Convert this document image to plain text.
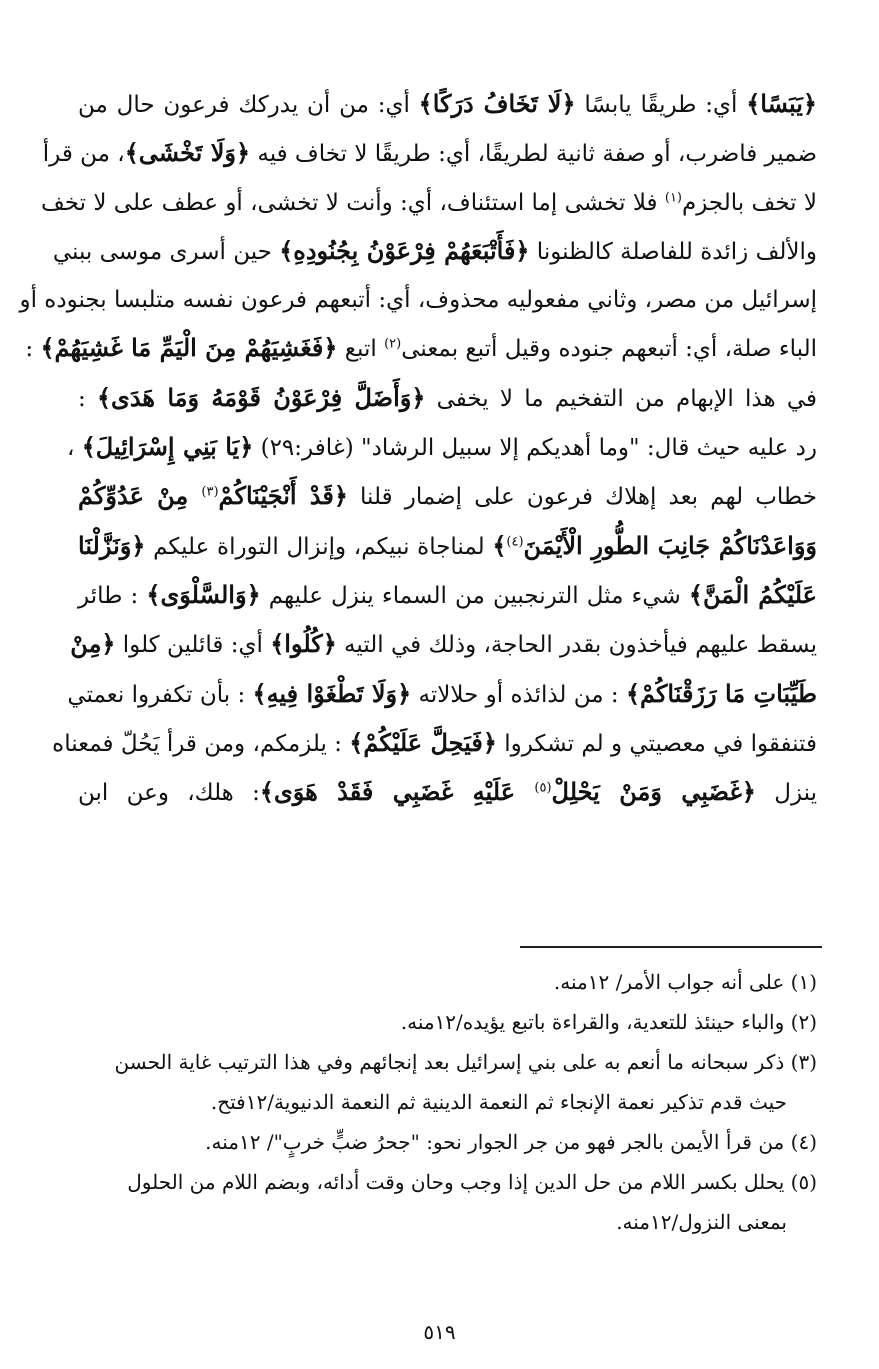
﴿يَبَسًا﴾ أي: طريقًا يابسًا ﴿لَا تَخَافُ دَرَكًا﴾ أي: من أن يدركك فرعون حال من
ضمير فاضرب، أو صفة ثانية لطريقًا، أي: طريقًا لا تخاف فيه ﴿وَلَا تَخْشَى﴾، من قرأ
لا تخف بالجزم$^{(١)}$ فلا تخشى إما استئناف، أي: وأنت لا تخشى، أو عطف على لا تخف
والألف زائدة للفاصلة كالظنونا ﴿فَأَتْبَعَهُمْ فِرْعَوْنُ بِجُنُودِهِ﴾ حين أسرى موسى ببني
إسرائيل من مصر، وثاني مفعوليه محذوف، أي: أتبعهم فرعون نفسه متلبسا بجنوده أو
الباء صلة، أي: أتبعهم جنوده وقيل أتبع بمعنى$^{(٢)}$ اتبع ﴿فَغَشِيَهُمْ مِنَ الْيَمِّ مَا غَشِيَهُمْ﴾ :
في هذا الإبهام من التفخيم ما لا يخفى ﴿وَأَضَلَّ فِرْعَوْنُ قَوْمَهُ وَمَا هَدَى﴾ :
رد عليه حيث قال: "وما أهديكم إلا سبيل الرشاد" (غافر:٢٩) ﴿يَا بَنِي إِسْرَائِيلَ﴾ ،
خطاب لهم بعد إهلاك فرعون على إضمار قلنا ﴿قَدْ أَنْجَيْنَاكُمْ$^{(٣)}$ مِنْ عَدُوِّكُمْ
وَوَاعَدْنَاكُمْ جَانِبَ الطُّورِ الْأَيْمَنَ$^{(٤)}$﴾ لمناجاة نبيكم، وإنزال التوراة عليكم ﴿وَنَزَّلْنَا
عَلَيْكُمُ الْمَنَّ﴾ شيء مثل الترنجبين من السماء ينزل عليهم ﴿وَالسَّلْوَى﴾ : طائر
يسقط عليهم فيأخذون بقدر الحاجة، وذلك في التيه ﴿كُلُوا﴾ أي: قائلين كلوا ﴿مِنْ
طَيِّبَاتِ مَا رَزَقْنَاكُمْ﴾ : من لذائذه أو حلالاته ﴿وَلَا تَطْغَوْا فِيهِ﴾ : بأن تكفروا نعمتي
فتنفقوا في معصيتي و لم تشكروا ﴿فَيَحِلَّ عَلَيْكُمْ﴾ : يلزمكم، ومن قرأ يَحُلّ فمعناه
ينزل ﴿غَضَبِي وَمَنْ يَحْلِلْ$^{(٥)}$ عَلَيْهِ غَضَبِي فَقَدْ هَوَى﴾: هلك، وعن ابن
(١) على أنه جواب الأمر/ ١٢منه.
(٢) والباء حينئذ للتعدية، والقراءة باتبع يؤيده/١٢منه.
(٣) ذكر سبحانه ما أنعم به على بني إسرائيل بعد إنجائهم وفي هذا الترتيب غاية الحسن
حيث قدم تذكير نعمة الإنجاء ثم النعمة الدينية ثم النعمة الدنيوية/١٢فتح.
(٤) من قرأ الأيمن بالجر فهو من جر الجوار نحو: "جحرُ ضبٍّ خربٍ"/ ١٢منه.
(٥) يحلل بكسر اللام من حل الدين إذا وجب وحان وقت أدائه، وبضم اللام من الحلول
بمعنى النزول/١٢منه.
٥١٩
